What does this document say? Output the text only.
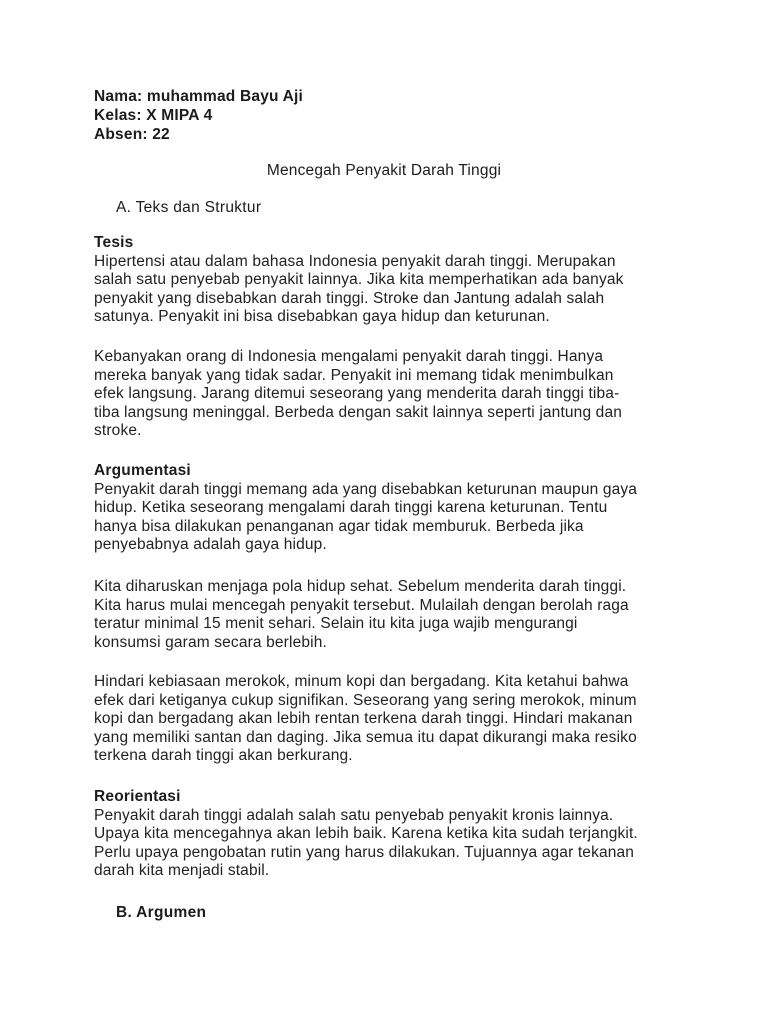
Nama: muhammad Bayu Aji
Kelas: X MIPA 4
Absen: 22
Mencegah Penyakit Darah Tinggi
A. Teks dan Struktur
Tesis
Hipertensi atau dalam bahasa Indonesia penyakit darah tinggi. Merupakan
salah satu penyebab penyakit lainnya. Jika kita memperhatikan ada banyak
penyakit yang disebabkan darah tinggi. Stroke dan Jantung adalah salah
satunya. Penyakit ini bisa disebabkan gaya hidup dan keturunan.
Kebanyakan orang di Indonesia mengalami penyakit darah tinggi. Hanya
mereka banyak yang tidak sadar. Penyakit ini memang tidak menimbulkan
efek langsung. Jarang ditemui seseorang yang menderita darah tinggi tiba-
tiba langsung meninggal. Berbeda dengan sakit lainnya seperti jantung dan
stroke.
Argumentasi
Penyakit darah tinggi memang ada yang disebabkan keturunan maupun gaya
hidup. Ketika seseorang mengalami darah tinggi karena keturunan. Tentu
hanya bisa dilakukan penanganan agar tidak memburuk. Berbeda jika
penyebabnya adalah gaya hidup.
Kita diharuskan menjaga pola hidup sehat. Sebelum menderita darah tinggi.
Kita harus mulai mencegah penyakit tersebut. Mulailah dengan berolah raga
teratur minimal 15 menit sehari. Selain itu kita juga wajib mengurangi
konsumsi garam secara berlebih.
Hindari kebiasaan merokok, minum kopi dan bergadang. Kita ketahui bahwa
efek dari ketiganya cukup signifikan. Seseorang yang sering merokok, minum
kopi dan bergadang akan lebih rentan terkena darah tinggi. Hindari makanan
yang memiliki santan dan daging. Jika semua itu dapat dikurangi maka resiko
terkena darah tinggi akan berkurang.
Reorientasi
Penyakit darah tinggi adalah salah satu penyebab penyakit kronis lainnya.
Upaya kita mencegahnya akan lebih baik. Karena ketika kita sudah terjangkit.
Perlu upaya pengobatan rutin yang harus dilakukan. Tujuannya agar tekanan
darah kita menjadi stabil.
B. Argumen
